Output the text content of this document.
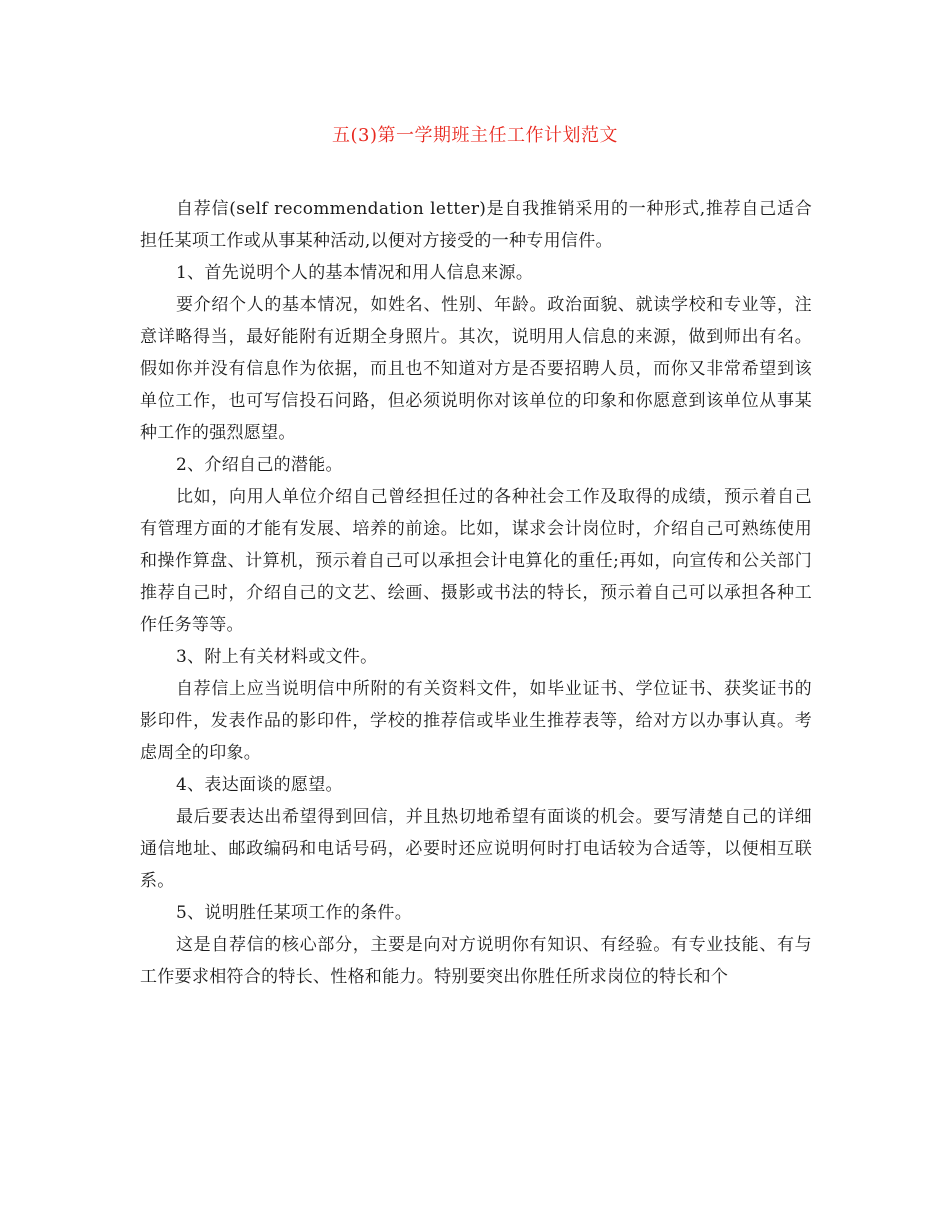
五(3)第一学期班主任工作计划范文

自荐信(self recommendation letter)是自我推销采用的一种形式,推荐自己适合担任某项工作或从事某种活动,以便对方接受的一种专用信件。

1、首先说明个人的基本情况和用人信息来源。

要介绍个人的基本情况，如姓名、性别、年龄。政治面貌、就读学校和专业等，注意详略得当，最好能附有近期全身照片。其次，说明用人信息的来源，做到师出有名。假如你并没有信息作为依据，而且也不知道对方是否要招聘人员，而你又非常希望到该单位工作，也可写信投石问路，但必须说明你对该单位的印象和你愿意到该单位从事某种工作的强烈愿望。

2、介绍自己的潜能。

比如，向用人单位介绍自己曾经担任过的各种社会工作及取得的成绩，预示着自己有管理方面的才能有发展、培养的前途。比如，谋求会计岗位时，介绍自己可熟练使用和操作算盘、计算机，预示着自己可以承担会计电算化的重任;再如，向宣传和公关部门推荐自己时，介绍自己的文艺、绘画、摄影或书法的特长，预示着自己可以承担各种工作任务等等。

3、附上有关材料或文件。

自荐信上应当说明信中所附的有关资料文件，如毕业证书、学位证书、获奖证书的影印件，发表作品的影印件，学校的推荐信或毕业生推荐表等，给对方以办事认真。考虑周全的印象。

4、表达面谈的愿望。

最后要表达出希望得到回信，并且热切地希望有面谈的机会。要写清楚自己的详细通信地址、邮政编码和电话号码，必要时还应说明何时打电话较为合适等，以便相互联系。

5、说明胜任某项工作的条件。

这是自荐信的核心部分，主要是向对方说明你有知识、有经验。有专业技能、有与工作要求相符合的特长、性格和能力。特别要突出你胜任所求岗位的特长和个
